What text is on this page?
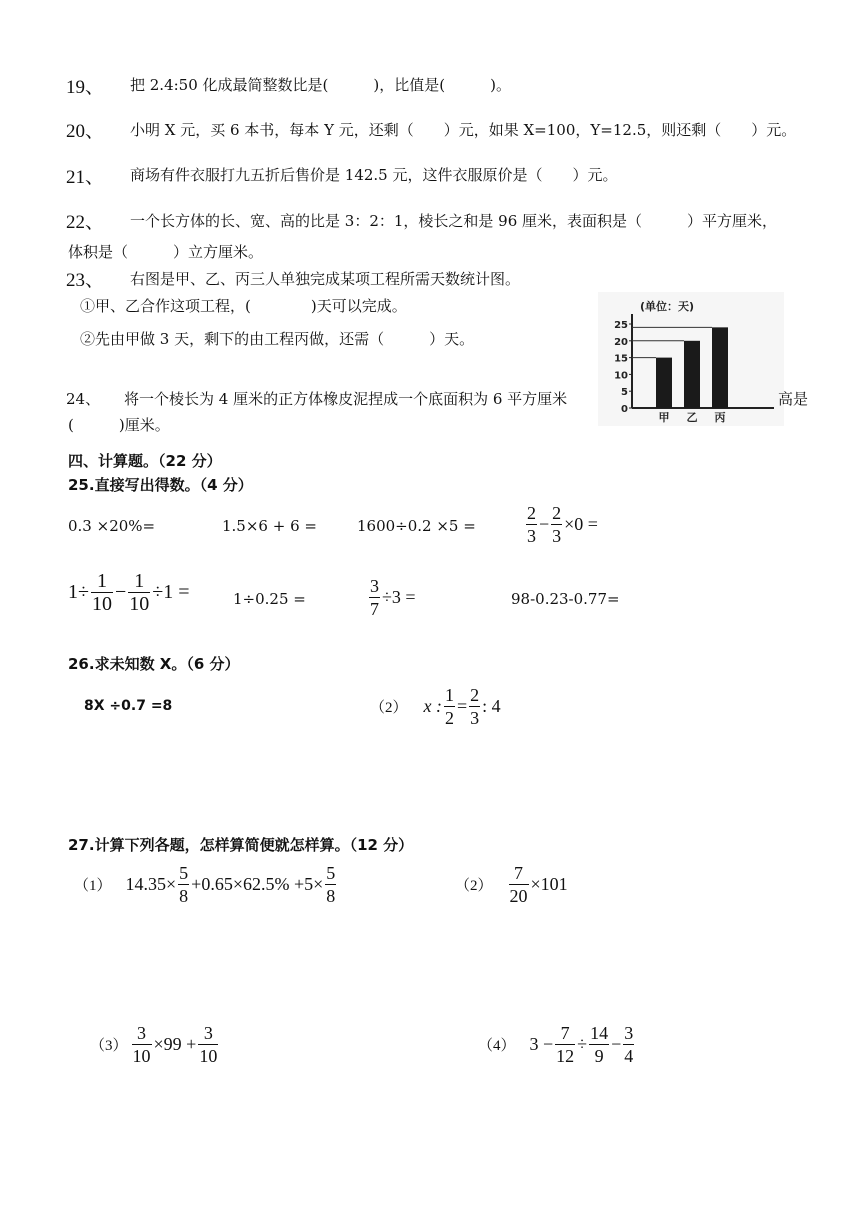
19、 把 2.4:50 化成最简整数比是(　　　)，比值是(　　　)。
20、 小明 X 元，买 6 本书，每本 Y 元，还剩（　　）元，如果 X=100，Y=12.5，则还剩（　　）元。
21、 商场有件衣服打九五折后售价是 142.5 元，这件衣服原价是（　　）元。
22、 一个长方体的长、宽、高的比是 3：2：1，棱长之和是 96 厘米，表面积是（　　　）平方厘米，
体积是（　　　）立方厘米。
23、 右图是甲、乙、丙三人单独完成某项工程所需天数统计图。
①甲、乙合作这项工程，(　　　　)天可以完成。
②先由甲做 3 天，剩下的由工程丙做，还需（　　　）天。
(单位：天)
0
5
10
15
20
25
甲 乙 丙
24、 将一个棱长为 4 厘米的正方体橡皮泥捏成一个底面积为 6 平方厘米	高是
(　　　)厘米。
四、计算题。（22 分）
25.直接写出得数。（4 分）
0.3 ×20%=	1.5×6 + 6 =	1600÷0.2 ×5 =	$\frac{2}{3} - \frac{2}{3} \times 0$ =
$1\div \frac{1}{10} - \frac{1}{10} \div 1$ =	1÷0.25 =	$\frac{3}{7} \div 3$ =	98-0.23-0.77=
26.求未知数 X。（6 分）
8X ÷0.7 =8	（2） x : $\frac{1}{2} = \frac{2}{3}$ : 4
27.计算下列各题，怎样算简便就怎样算。（12 分）
（1） $14.35\times \frac{5}{8} +0.65\times 62.5\% +5\times \frac{5}{8}$	$(2) \frac{7}{20} \times 101$
$(3) \frac{3}{10} \times 99 + \frac{3}{10}$	（4） $3 - \frac{7}{12} \div \frac{14}{9} - \frac{3}{4}$
